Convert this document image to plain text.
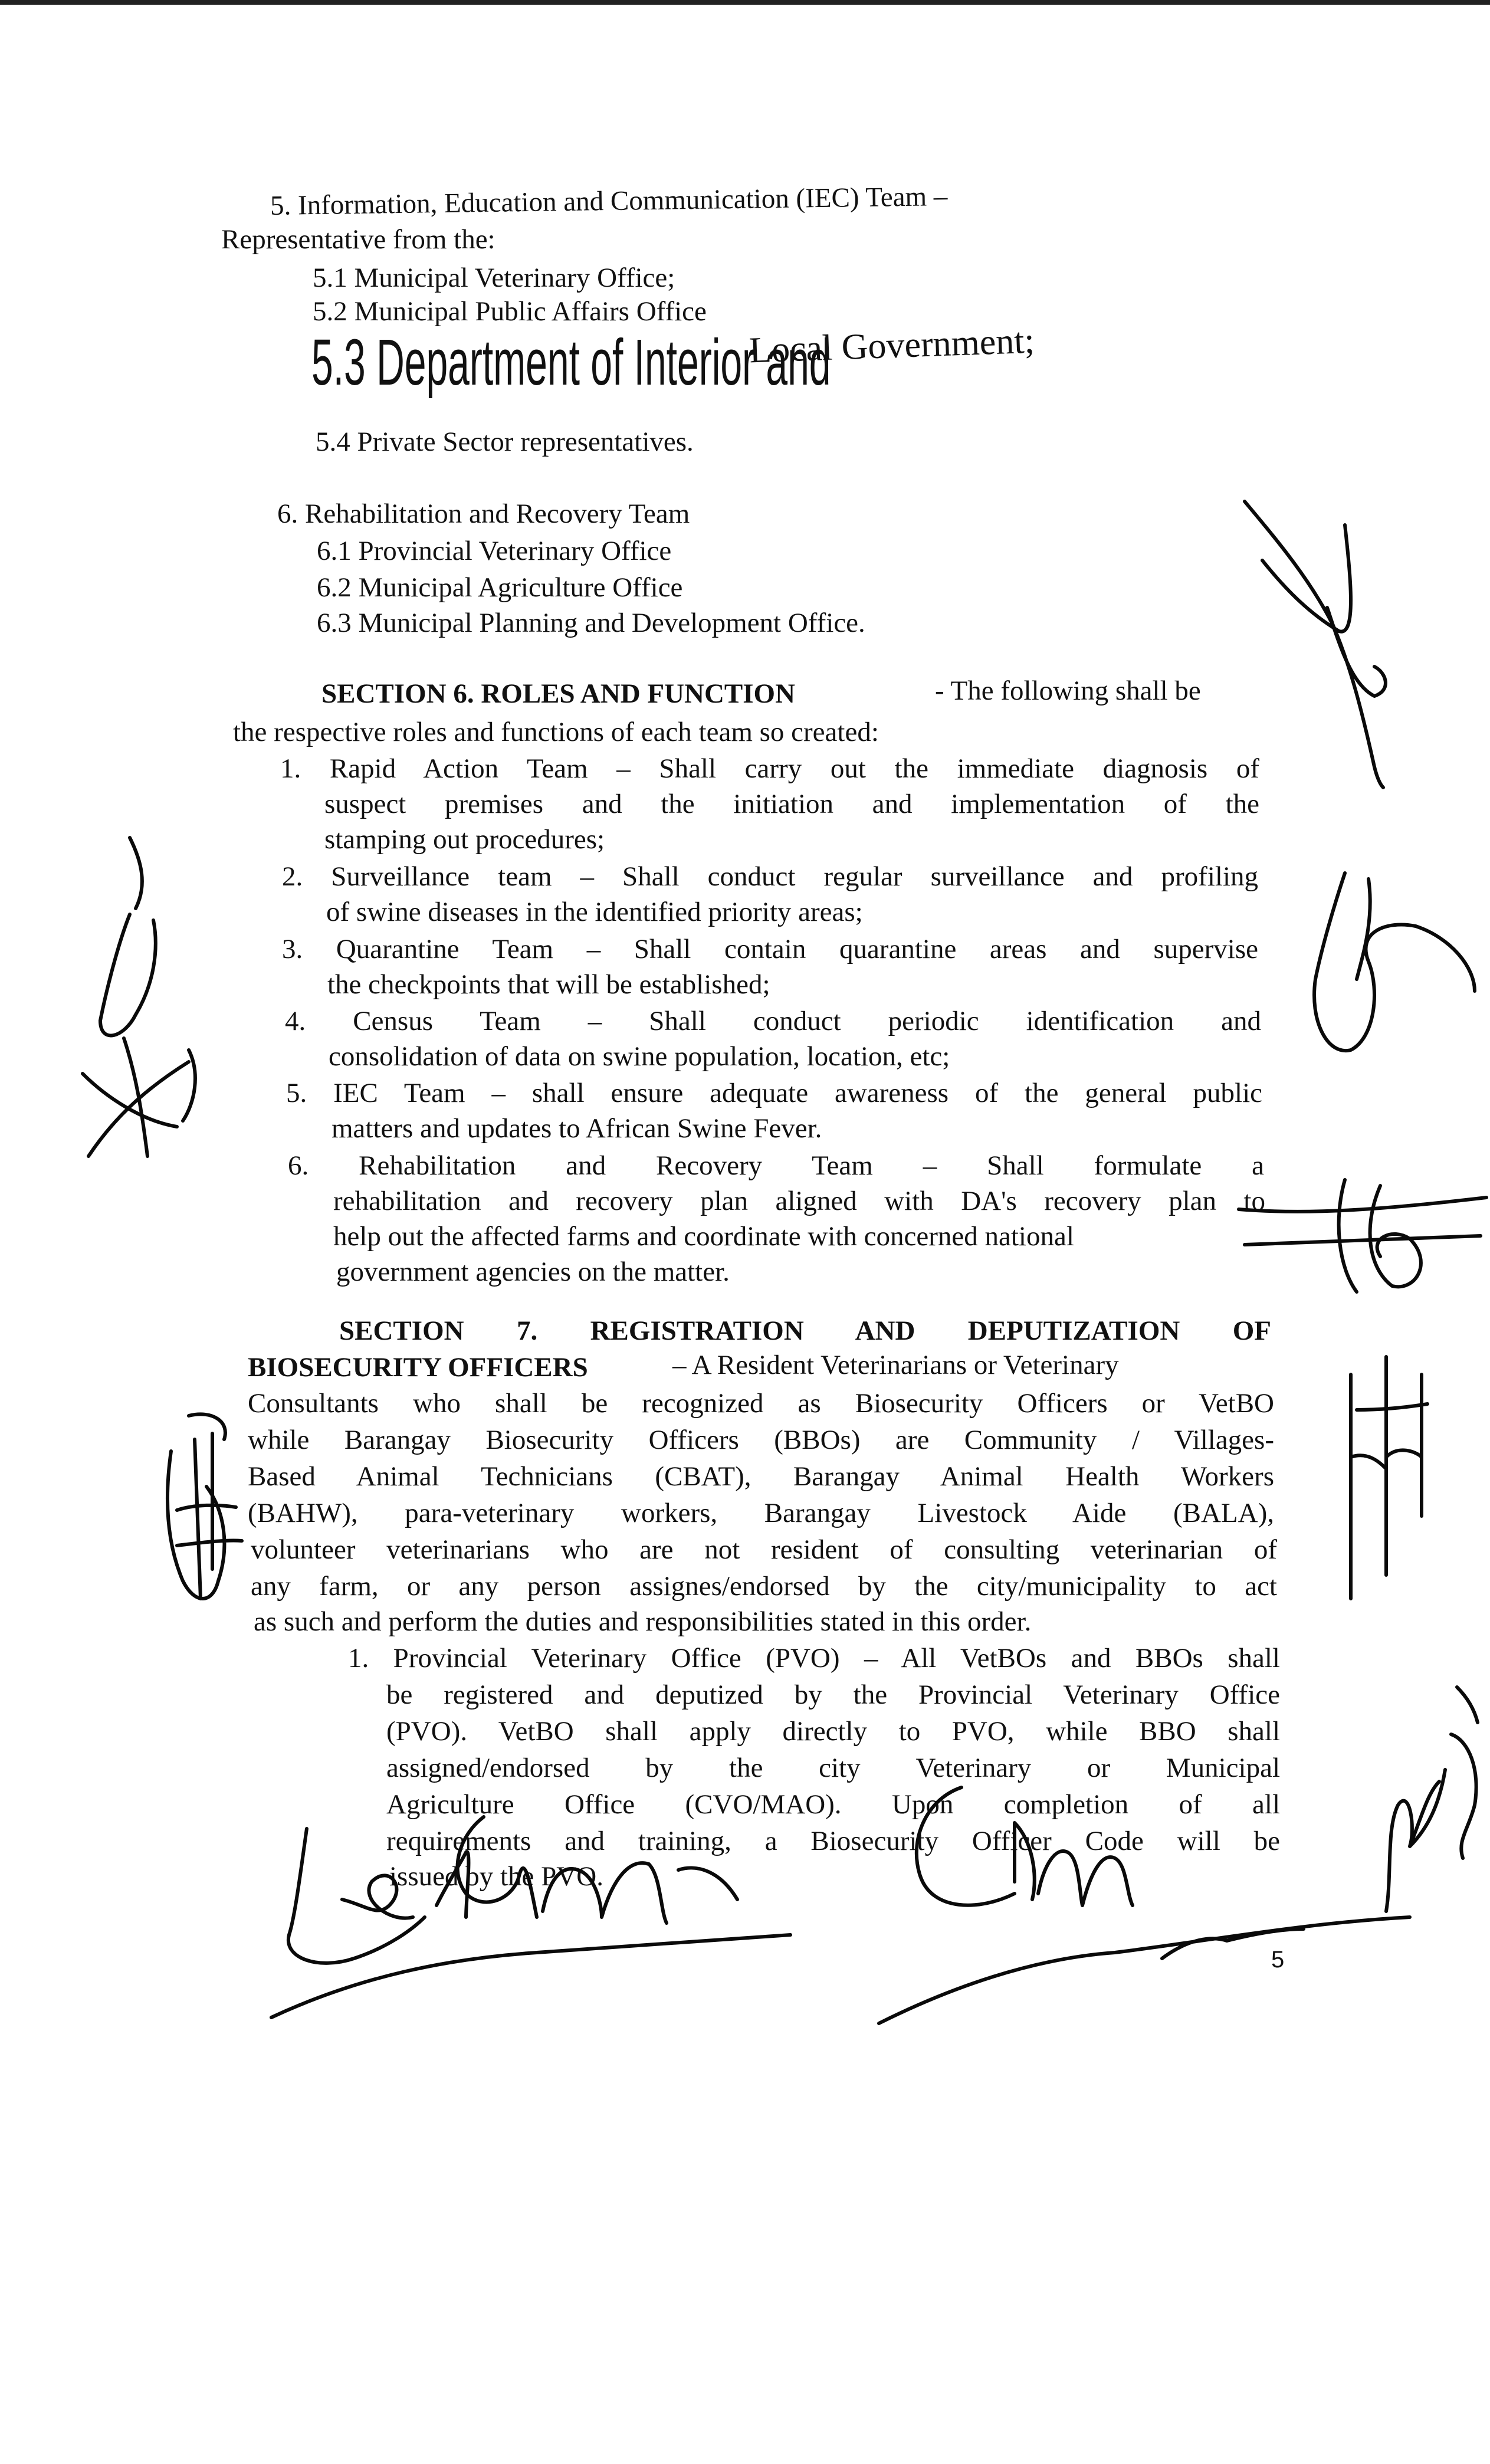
5. Information, Education and Communication (IEC) Team –
Representative from the:
5.1 Municipal Veterinary Office;
5.2 Municipal Public Affairs Office
5.3 Department of Interior and
Local Government;
5.4 Private Sector representatives.
6. Rehabilitation and Recovery Team
6.1 Provincial Veterinary Office
6.2 Municipal Agriculture Office
6.3 Municipal Planning and Development Office.
SECTION 6. ROLES AND FUNCTION	- The following shall be
the respective roles and functions of each team so created:
1. Rapid Action Team – Shall carry out the immediate diagnosis of
suspect premises and the initiation and implementation of the
stamping out procedures;
2. Surveillance team – Shall conduct regular surveillance and profiling
of swine diseases in the identified priority areas;
3. Quarantine Team – Shall contain quarantine areas and supervise
the checkpoints that will be established;
4. Census Team – Shall conduct periodic identification and
consolidation of data on swine population, location, etc;
5. IEC Team – shall ensure adequate awareness of the general public
matters and updates to African Swine Fever.
6. Rehabilitation and Recovery Team – Shall formulate a
rehabilitation and recovery plan aligned with DA's recovery plan to
help out the affected farms and coordinate with concerned national
government agencies on the matter.
SECTION 7. REGISTRATION AND DEPUTIZATION OF
BIOSECURITY OFFICERS	– A Resident Veterinarians or Veterinary
Consultants who shall be recognized as Biosecurity Officers or VetBO
while Barangay Biosecurity Officers (BBOs) are Community / Villages-
Based Animal Technicians (CBAT), Barangay Animal Health Workers
(BAHW), para-veterinary workers, Barangay Livestock Aide (BALA),
volunteer veterinarians who are not resident of consulting veterinarian of
any farm, or any person assignes/endorsed by the city/municipality to act
as such and perform the duties and responsibilities stated in this order.
1. Provincial Veterinary Office (PVO) – All VetBOs and BBOs shall
be registered and deputized by the Provincial Veterinary Office
(PVO). VetBO shall apply directly to PVO, while BBO shall
assigned/endorsed by the city Veterinary or Municipal
Agriculture Office (CVO/MAO). Upon completion of all
requirements and training, a Biosecurity Officer Code will be
issued by the PVO.
5
